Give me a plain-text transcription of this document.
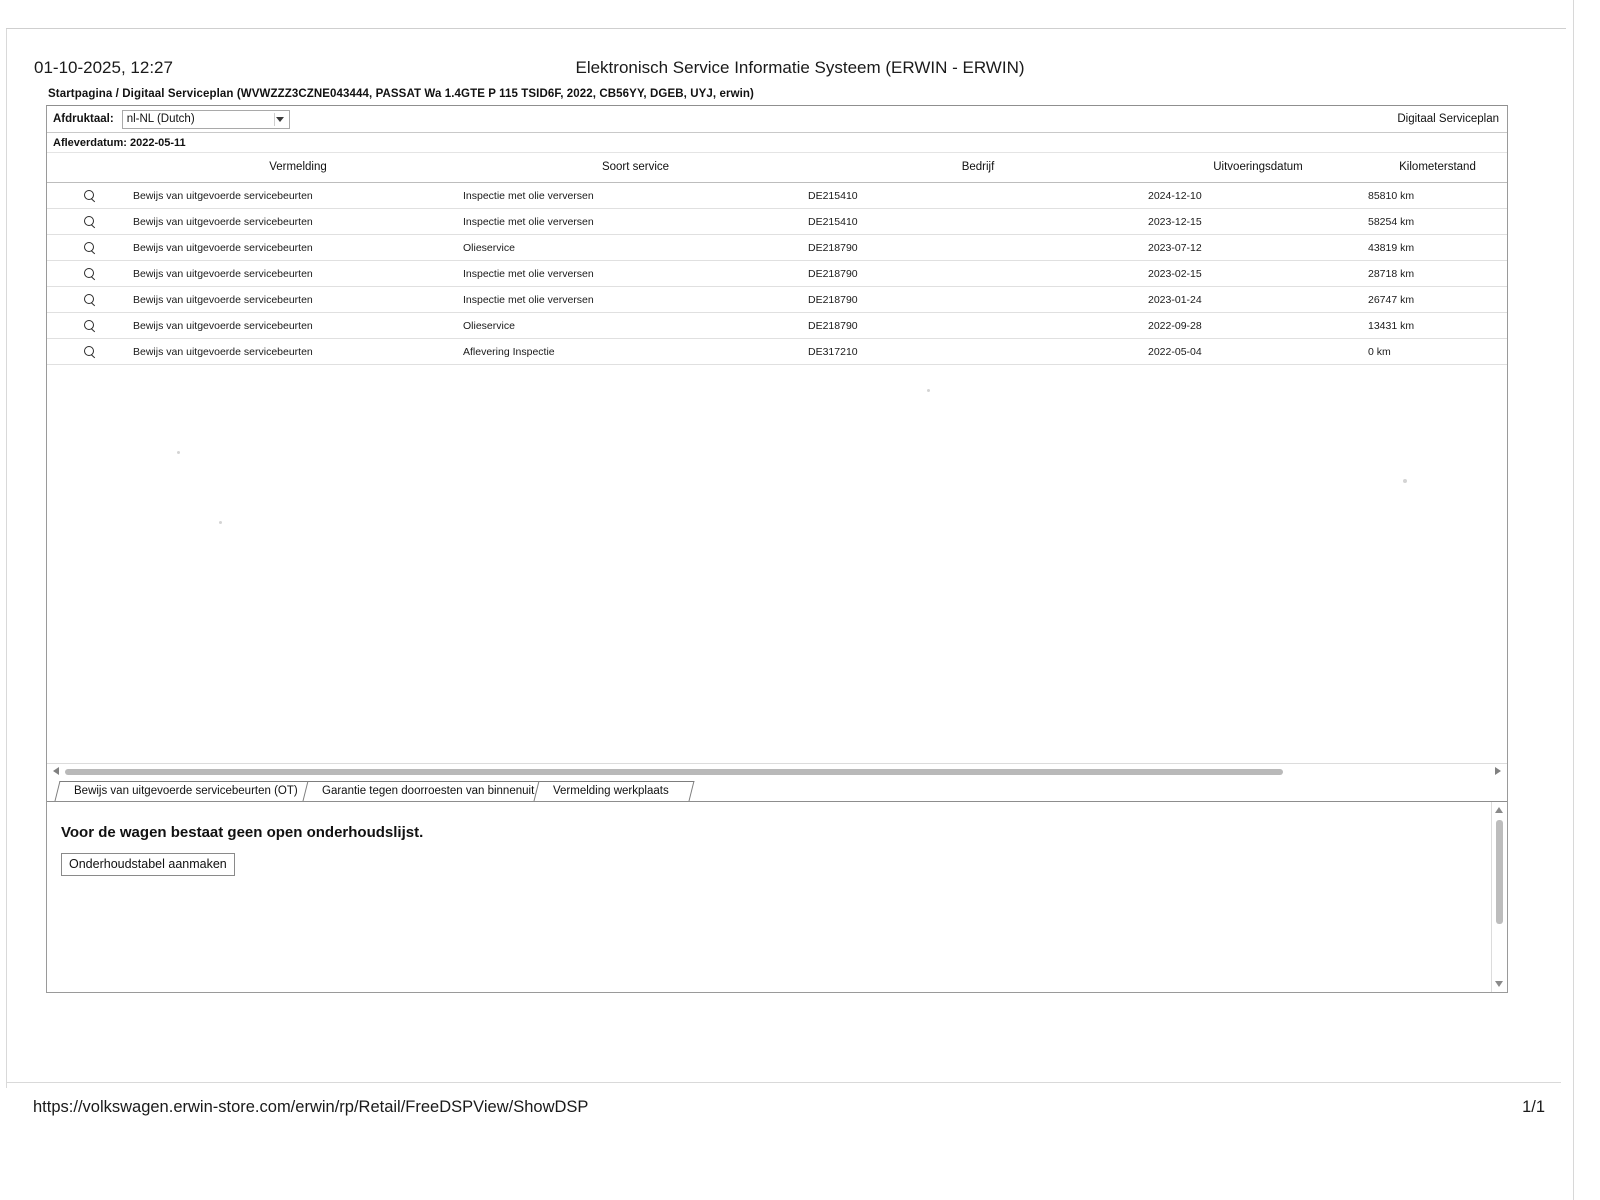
01-10-2025, 12:27	Elektronisch Service Informatie Systeem (ERWIN - ERWIN)
Startpagina / Digitaal Serviceplan (WVWZZZ3CZNE043444, PASSAT Wa 1.4GTE P 115 TSID6F, 2022, CB56YY, DGEB, UYJ, erwin)
Afdruktaal: nl-NL (Dutch)	Digitaal Serviceplan
Afleverdatum: 2022-05-11
	Vermelding	Soort service	Bedrijf	Uitvoeringsdatum	Kilometerstand

	Bewijs van uitgevoerde servicebeurten	Inspectie met olie verversen	DE215410	2024-12-10	85810 km

	Bewijs van uitgevoerde servicebeurten	Inspectie met olie verversen	DE215410	2023-12-15	58254 km

	Bewijs van uitgevoerde servicebeurten	Olieservice	DE218790	2023-07-12	43819 km

	Bewijs van uitgevoerde servicebeurten	Inspectie met olie verversen	DE218790	2023-02-15	28718 km

	Bewijs van uitgevoerde servicebeurten	Inspectie met olie verversen	DE218790	2023-01-24	26747 km

	Bewijs van uitgevoerde servicebeurten	Olieservice	DE218790	2022-09-28	13431 km

	Bewijs van uitgevoerde servicebeurten	Aflevering Inspectie	DE317210	2022-05-04	0 km
Bewijs van uitgevoerde servicebeurten (OT)	Garantie tegen doorroesten van binnenuit	Vermelding werkplaats

Voor de wagen bestaat geen open onderhoudslijst.

Onderhoudstabel aanmaken
https://volkswagen.erwin-store.com/erwin/rp/Retail/FreeDSPView/ShowDSP	1/1
